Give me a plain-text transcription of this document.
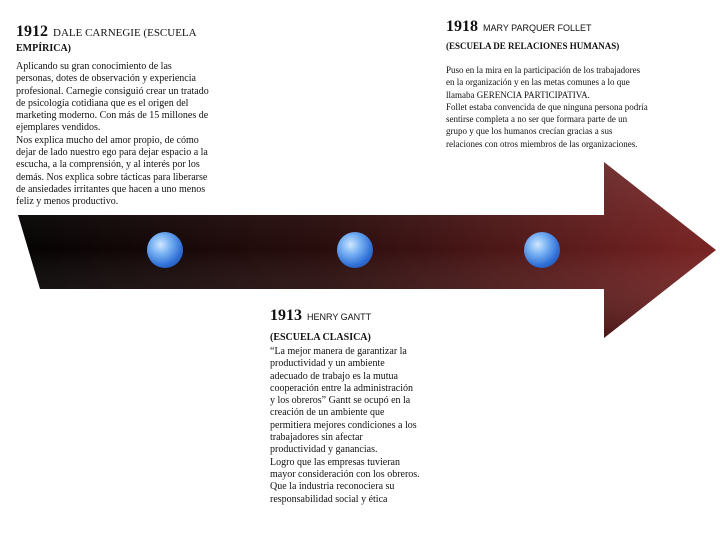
1912 DALE CARNEGIE (ESCUELA
EMPÍRICA)
Aplicando su gran conocimiento de las
personas, dotes de observación y experiencia
profesional. Carnegie consiguió crear un tratado
de psicología cotidiana que es el origen del
marketing moderno. Con más de 15 millones de
ejemplares vendidos.
Nos explica mucho del amor propio, de cómo
dejar de lado nuestro ego para dejar espacio a la
escucha, a la comprensión, y al interés por los
demás. Nos explica sobre tácticas para liberarse
de ansiedades irritantes que hacen a uno menos
feliz y menos productivo.
1918 MARY PARQUER FOLLET
(ESCUELA DE RELACIONES HUMANAS)
Puso en la mira en la participación de los trabajadores
en la organización y en las metas comunes a lo que
llamaba GERENCIA PARTICIPATIVA.
Follet estaba convencida de que ninguna persona podría
sentirse completa a no ser que formara parte de un
grupo y que los humanos crecían gracias a sus
relaciones con otros miembros de las organizaciones.
1913 HENRY GANTT
(ESCUELA CLASICA)
“La mejor manera de garantizar la
productividad y un ambiente
adecuado de trabajo es la mutua
cooperación entre la administración
y los obreros” Gantt se ocupó en la
creación de un ambiente que
permitiera mejores condiciones a los
trabajadores sin afectar
productividad y ganancias.
Logro que las empresas tuvieran
mayor consideración con los obreros.
Que la industria reconociera su
responsabilidad social y ética
